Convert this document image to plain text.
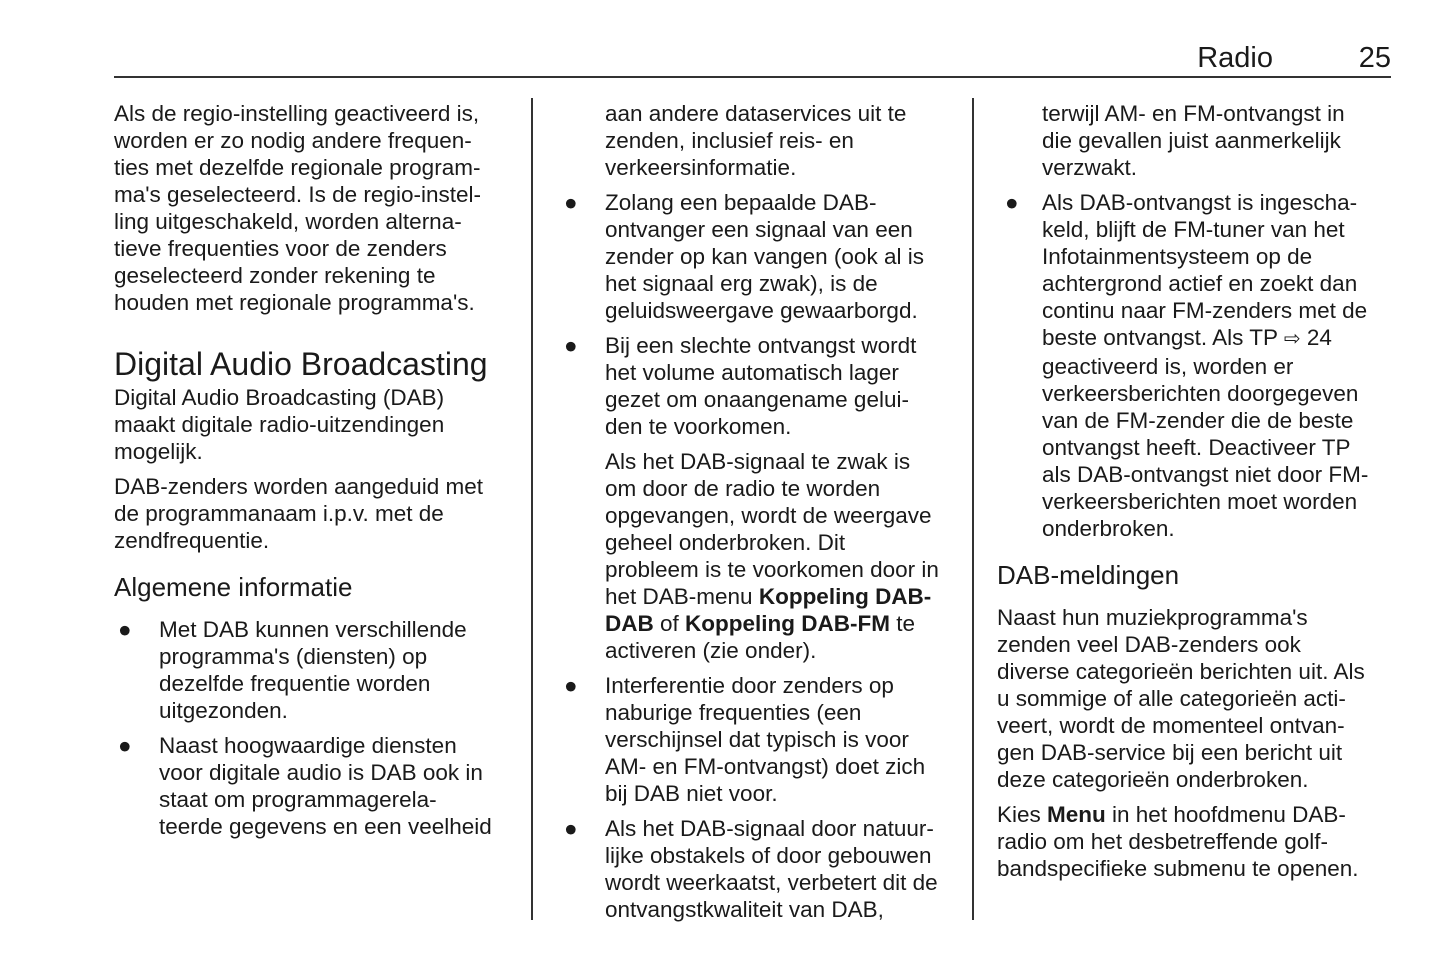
Radio	25

Als de regio-instelling geactiveerd is,
worden er zo nodig andere frequen-
ties met dezelfde regionale program-
ma's geselecteerd. Is de regio-instel-
ling uitgeschakeld, worden alterna-
tieve frequenties voor de zenders
geselecteerd zonder rekening te
houden met regionale programma's.

Digital Audio Broadcasting

Digital Audio Broadcasting (DAB)
maakt digitale radio-uitzendingen
mogelijk.

DAB-zenders worden aangeduid met
de programmanaam i.p.v. met de
zendfrequentie.

Algemene informatie
● Met DAB kunnen verschillende
programma's (diensten) op
dezelfde frequentie worden
uitgezonden.
● Naast hoogwaardige diensten
voor digitale audio is DAB ook in
staat om programmagerela-
teerde gegevens en een veelheid
aan andere dataservices uit te
zenden, inclusief reis- en
verkeersinformatie.
● Zolang een bepaalde DAB-
ontvanger een signaal van een
zender op kan vangen (ook al is
het signaal erg zwak), is de
geluidsweergave gewaarborgd.
● Bij een slechte ontvangst wordt
het volume automatisch lager
gezet om onaangename gelui-
den te voorkomen.
Als het DAB-signaal te zwak is
om door de radio te worden
opgevangen, wordt de weergave
geheel onderbroken. Dit
probleem is te voorkomen door in
het DAB-menu Koppeling DAB-
DAB of Koppeling DAB-FM te
activeren (zie onder).
● Interferentie door zenders op
naburige frequenties (een
verschijnsel dat typisch is voor
AM- en FM-ontvangst) doet zich
bij DAB niet voor.
● Als het DAB-signaal door natuur-
lijke obstakels of door gebouwen
wordt weerkaatst, verbetert dit de
ontvangstkwaliteit van DAB,
terwijl AM- en FM-ontvangst in
die gevallen juist aanmerkelijk
verzwakt.
● Als DAB-ontvangst is ingescha-
keld, blijft de FM-tuner van het
Infotainmentsysteem op de
achtergrond actief en zoekt dan
continu naar FM-zenders met de
beste ontvangst. Als TP ⇨ 24
geactiveerd is, worden er
verkeersberichten doorgegeven
van de FM-zender die de beste
ontvangst heeft. Deactiveer TP
als DAB-ontvangst niet door FM-
verkeersberichten moet worden
onderbroken.
DAB-meldingen

Naast hun muziekprogramma's
zenden veel DAB-zenders ook
diverse categorieën berichten uit. Als
u sommige of alle categorieën acti-
veert, wordt de momenteel ontvan-
gen DAB-service bij een bericht uit
deze categorieën onderbroken.

Kies Menu in het hoofdmenu DAB-
radio om het desbetreffende golf-
bandspecifieke submenu te openen.
